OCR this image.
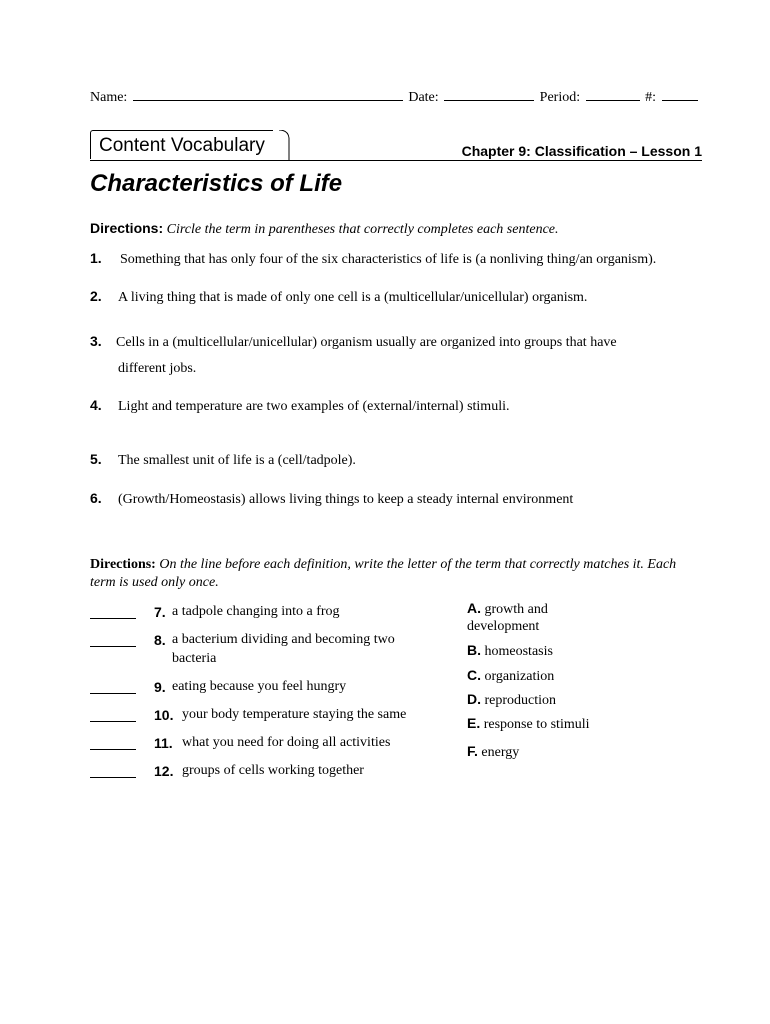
Name:	Date:	Period:	#:
Content Vocabulary	Chapter 9: Classification – Lesson 1
Characteristics of Life
Directions: Circle the term in parentheses that correctly completes each sentence.
1. Something that has only four of the six characteristics of life is (a nonliving thing/an organism).
2. A living thing that is made of only one cell is a (multicellular/unicellular) organism.
3. Cells in a (multicellular/unicellular) organism usually are organized into groups that have
different jobs.
4. Light and temperature are two examples of (external/internal) stimuli.
5. The smallest unit of life is a (cell/tadpole).
6. (Growth/Homeostasis) allows living things to keep a steady internal environment
Directions: On the line before each definition, write the letter of the term that correctly matches it. Each term is used only once.
7. a tadpole changing into a frog
8. a bacterium dividing and becoming two
bacteria
9. eating because you feel hungry
10. your body temperature staying the same
11. what you need for doing all activities
12. groups of cells working together
A. growth and
development
B. homeostasis
C. organization
D. reproduction
E. response to stimuli
F. energy
